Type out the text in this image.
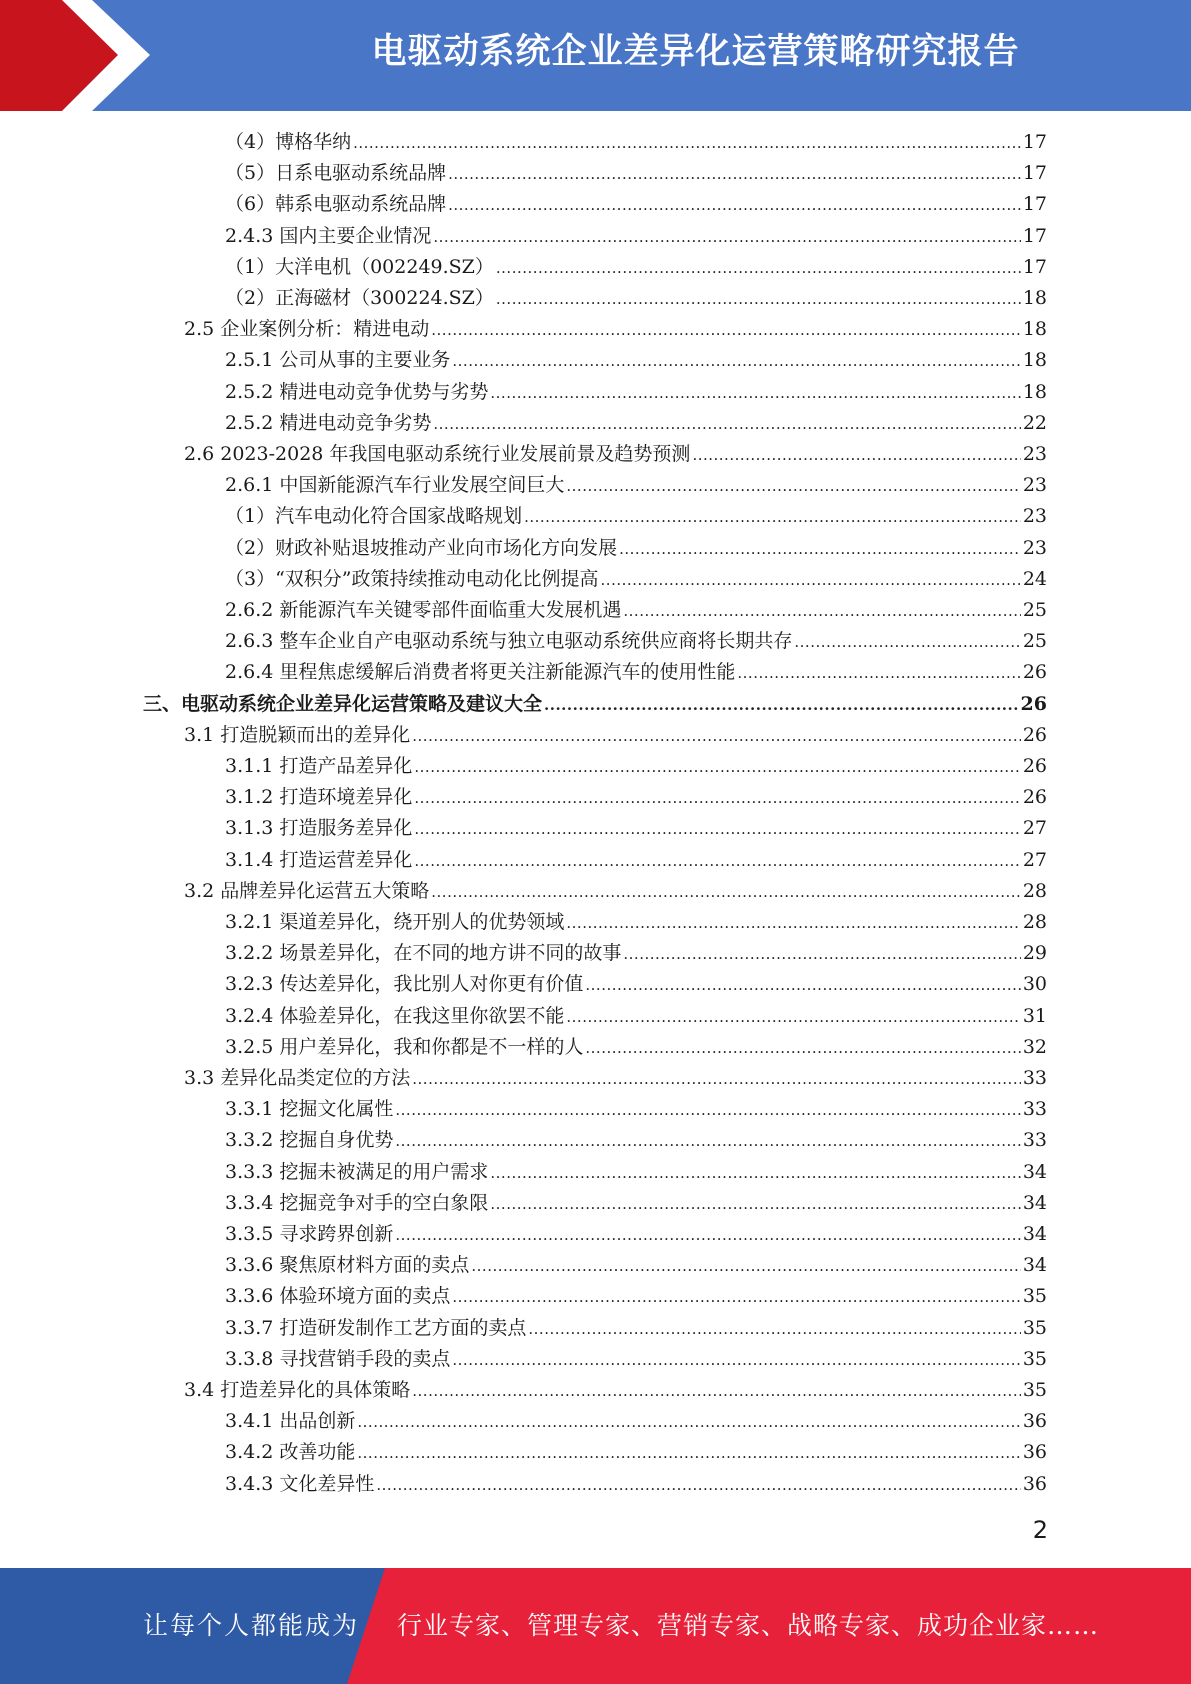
电驱动系统企业差异化运营策略研究报告
（4）博格华纳 .....	17
（5）日系电驱动系统品牌 .....	17
（6）韩系电驱动系统品牌 .....	17
2.4.3 国内主要企业情况 .....	17
（1）大洋电机（002249.SZ） .....	17
（2）正海磁材（300224.SZ） .....	18
2.5 企业案例分析：精进电动 .....	18
2.5.1 公司从事的主要业务 .....	18
2.5.2 精进电动竞争优势与劣势 .....	18
2.5.2 精进电动竞争劣势 .....	22
2.6 2023-2028 年我国电驱动系统行业发展前景及趋势预测 .....	23
2.6.1 中国新能源汽车行业发展空间巨大 .....	23
（1）汽车电动化符合国家战略规划 .....	23
（2）财政补贴退坡推动产业向市场化方向发展 .....	23
（3）“双积分”政策持续推动电动化比例提高 .....	24
2.6.2 新能源汽车关键零部件面临重大发展机遇 .....	25
2.6.3 整车企业自产电驱动系统与独立电驱动系统供应商将长期共存 .....	25
2.6.4 里程焦虑缓解后消费者将更关注新能源汽车的使用性能 .....	26
三、电驱动系统企业差异化运营策略及建议大全 .....	26
3.1 打造脱颖而出的差异化 .....	26
3.1.1 打造产品差异化 .....	26
3.1.2 打造环境差异化 .....	26
3.1.3 打造服务差异化 .....	27
3.1.4 打造运营差异化 .....	27
3.2 品牌差异化运营五大策略 .....	28
3.2.1 渠道差异化，绕开别人的优势领域 .....	28
3.2.2 场景差异化，在不同的地方讲不同的故事 .....	29
3.2.3 传达差异化，我比别人对你更有价值 .....	30
3.2.4 体验差异化，在我这里你欲罢不能 .....	31
3.2.5 用户差异化，我和你都是不一样的人 .....	32
3.3 差异化品类定位的方法 .....	33
3.3.1 挖掘文化属性 .....	33
3.3.2 挖掘自身优势 .....	33
3.3.3 挖掘未被满足的用户需求 .....	34
3.3.4 挖掘竞争对手的空白象限 .....	34
3.3.5 寻求跨界创新 .....	34
3.3.6 聚焦原材料方面的卖点 .....	34
3.3.6 体验环境方面的卖点 .....	35
3.3.7 打造研发制作工艺方面的卖点 .....	35
3.3.8 寻找营销手段的卖点 .....	35
3.4 打造差异化的具体策略 .....	35
3.4.1 出品创新 .....	36
3.4.2 改善功能 .....	36
3.4.3 文化差异性 .....	36
2
让每个人都能成为 行业专家、管理专家、营销专家、战略专家、成功企业家……
